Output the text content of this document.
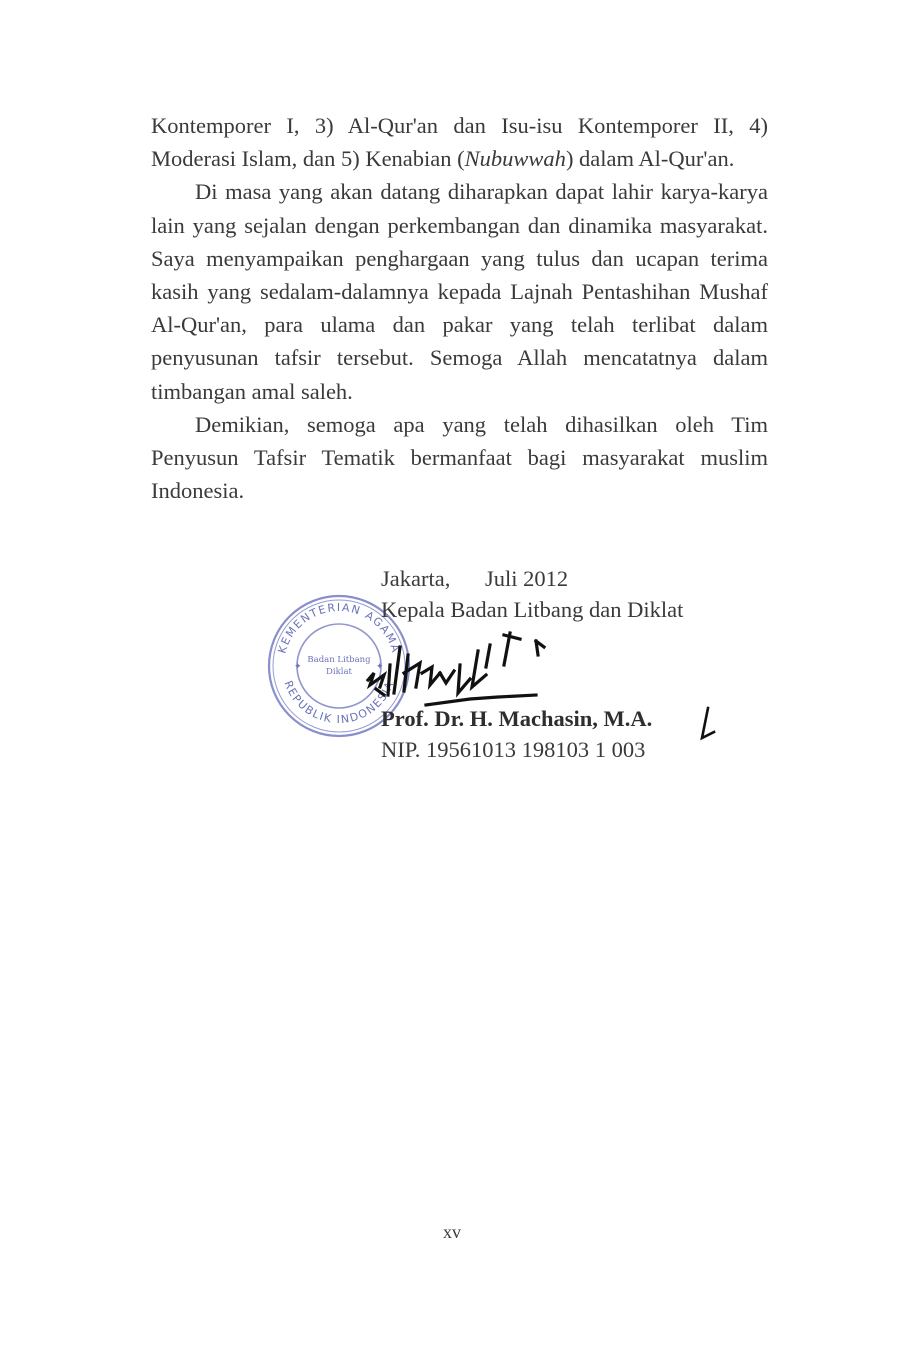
Kontemporer I, 3) Al-Qur'an dan Isu-isu Kontemporer II, 4) Moderasi Islam, dan 5) Kenabian (Nubuwwah) dalam Al-Qur'an.

Di masa yang akan datang diharapkan dapat lahir karya-karya lain yang sejalan dengan perkembangan dan dinamika masyarakat. Saya menyampaikan penghargaan yang tulus dan ucapan terima kasih yang sedalam-dalamnya kepada Lajnah Pentashihan Mushaf Al-Qur'an, para ulama dan pakar yang telah terlibat dalam penyusunan tafsir tersebut. Semoga Allah mencatatnya dalam timbangan amal saleh.

Demikian, semoga apa yang telah dihasilkan oleh Tim Penyusun Tafsir Tematik bermanfaat bagi masyarakat muslim Indonesia.

KEMENTERIAN AGAMA
REPUBLIK INDONESIA
✦	✦
Badan Litbang
Diklat
Jakarta, Juli 2012
Kepala Badan Litbang dan Diklat
Prof. Dr. H. Machasin, M.A.
NIP. 19561013 198103 1 003
xv
